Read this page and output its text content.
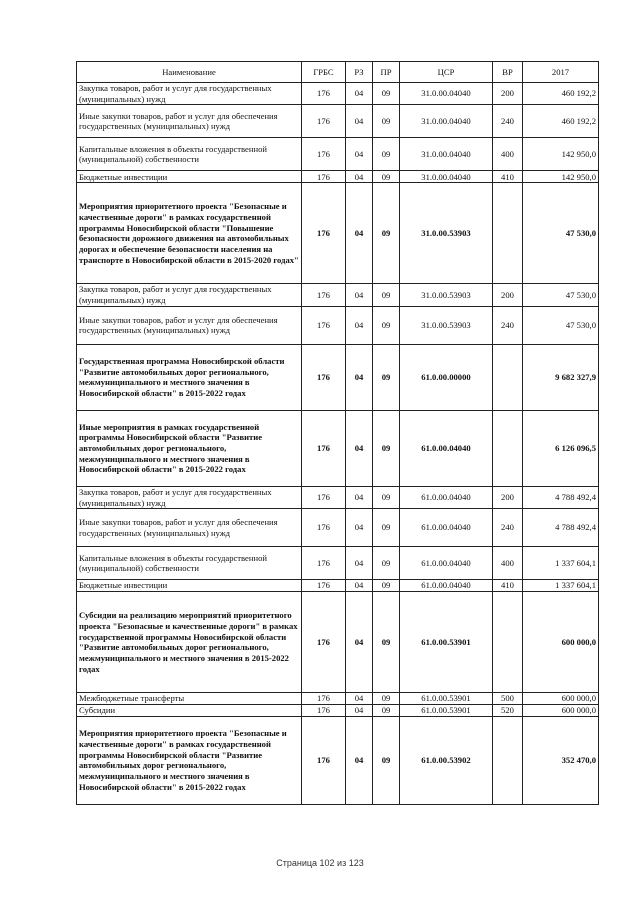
Наименование	ГРБС	РЗ	ПР	ЦСР	ВР	2017
Закупка товаров, работ и услуг для государственных (муниципальных) нужд	176	04	09	31.0.00.04040	200	460 192,2
Иные закупки товаров, работ и услуг для обеспечения государственных (муниципальных) нужд	176	04	09	31.0.00.04040	240	460 192,2
Капитальные вложения в объекты государственной (муниципальной) собственности	176	04	09	31.0.00.04040	400	142 950,0
Бюджетные инвестиции	176	04	09	31.0.00.04040	410	142 950,0
Мероприятия приоритетного проекта "Безопасные и качественные дороги" в рамках государственной программы Новосибирской области "Повышение безопасности дорожного движения на автомобильных дорогах и обеспечение безопасности населения на транспорте в Новосибирской области в 2015-2020 годах"	176	04	09	31.0.00.53903		47 530,0
Закупка товаров, работ и услуг для государственных (муниципальных) нужд	176	04	09	31.0.00.53903	200	47 530,0
Иные закупки товаров, работ и услуг для обеспечения государственных (муниципальных) нужд	176	04	09	31.0.00.53903	240	47 530,0
Государственная программа Новосибирской области "Развитие автомобильных дорог регионального, межмуниципального и местного значения в Новосибирской области" в 2015-2022 годах	176	04	09	61.0.00.00000		9 682 327,9
Иные мероприятия в рамках государственной программы Новосибирской области "Развитие автомобильных дорог регионального, межмуниципального и местного значения в Новосибирской области" в 2015-2022 годах	176	04	09	61.0.00.04040		6 126 096,5
Закупка товаров, работ и услуг для государственных (муниципальных) нужд	176	04	09	61.0.00.04040	200	4 788 492,4
Иные закупки товаров, работ и услуг для обеспечения государственных (муниципальных) нужд	176	04	09	61.0.00.04040	240	4 788 492,4
Капитальные вложения в объекты государственной (муниципальной) собственности	176	04	09	61.0.00.04040	400	1 337 604,1
Бюджетные инвестиции	176	04	09	61.0.00.04040	410	1 337 604,1
Субсидии на реализацию мероприятий приоритетного проекта "Безопасные и качественные дороги" в рамках государственной программы Новосибирской области "Развитие автомобильных дорог регионального, межмуниципального и местного значения в 2015-2022 годах	176	04	09	61.0.00.53901		600 000,0
Межбюджетные трансферты	176	04	09	61.0.00.53901	500	600 000,0
Субсидии	176	04	09	61.0.00.53901	520	600 000,0
Мероприятия приоритетного проекта "Безопасные и качественные дороги" в рамках государственной программы Новосибирской области "Развитие автомобильных дорог регионального, межмуниципального и местного значения в Новосибирской области" в 2015-2022 годах	176	04	09	61.0.00.53902		352 470,0
Страница 102 из 123
